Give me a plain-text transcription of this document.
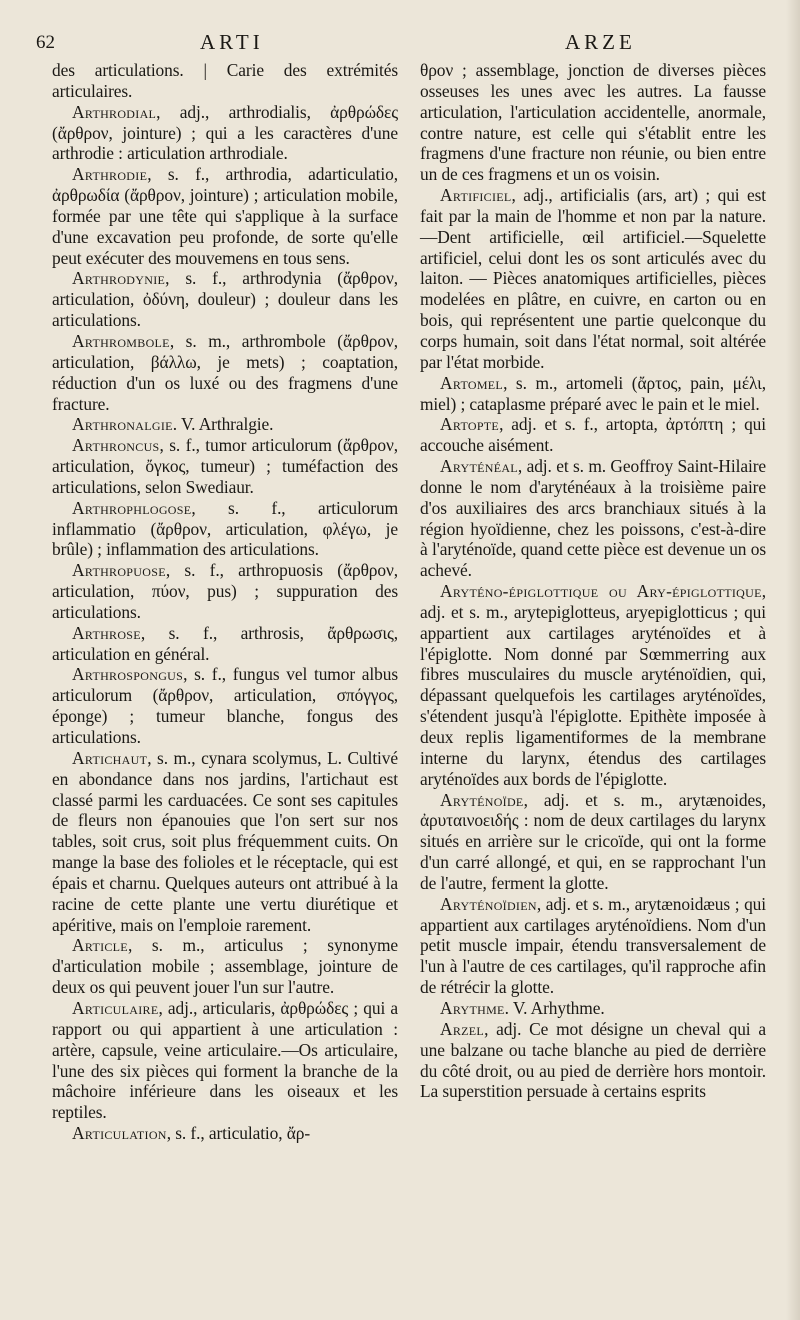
62	ARTI	ARZE

des articulations. | Carie des extrémités articulaires.

Arthrodial, adj., arthrodialis, ἀρθρώδες (ἄρθρον, jointure) ; qui a les caractères d'une arthrodie : articulation arthrodiale.

Arthrodie, s. f., arthrodia, adarticulatio, ἀρθρωδία (ἄρθρον, jointure) ; articulation mobile, formée par une tête qui s'applique à la surface d'une excavation peu profonde, de sorte qu'elle peut exécuter des mouvemens en tous sens.

Arthrodynie, s. f., arthrodynia (ἄρθρον, articulation, ὀδύνη, douleur) ; douleur dans les articulations.

Arthrombole, s. m., arthrombole (ἄρθρον, articulation, βάλλω, je mets) ; coaptation, réduction d'un os luxé ou des fragmens d'une fracture.

Arthronalgie. V. Arthralgie.

Arthroncus, s. f., tumor articulorum (ἄρθρον, articulation, ὄγκος, tumeur) ; tuméfaction des articulations, selon Swediaur.

Arthrophlogose, s. f., articulorum inflammatio (ἄρθρον, articulation, φλέγω, je brûle) ; inflammation des articulations.

Arthropuose, s. f., arthropuosis (ἄρθρον, articulation, πύον, pus) ; suppuration des articulations.

Arthrose, s. f., arthrosis, ἄρθρωσις, articulation en général.

Arthrospongus, s. f., fungus vel tumor albus articulorum (ἄρθρον, articulation, σπόγγος, éponge) ; tumeur blanche, fongus des articulations.

Artichaut, s. m., cynara scolymus, L. Cultivé en abondance dans nos jardins, l'artichaut est classé parmi les carduacées. Ce sont ses capitules de fleurs non épanouies que l'on sert sur nos tables, soit crus, soit plus fréquemment cuits. On mange la base des folioles et le réceptacle, qui est épais et charnu. Quelques auteurs ont attribué à la racine de cette plante une vertu diurétique et apéritive, mais on l'emploie rarement.

Article, s. m., articulus ; synonyme d'articulation mobile ; assemblage, jointure de deux os qui peuvent jouer l'un sur l'autre.

Articulaire, adj., articularis, ἀρθρώδες ; qui a rapport ou qui appartient à une articulation : artère, capsule, veine articulaire.—Os articulaire, l'une des six pièces qui forment la branche de la mâchoire inférieure dans les oiseaux et les reptiles.

Articulation, s. f., articulatio, ἄρ-

θρον ; assemblage, jonction de diverses pièces osseuses les unes avec les autres. La fausse articulation, l'articulation accidentelle, anormale, contre nature, est celle qui s'établit entre les fragmens d'une fracture non réunie, ou bien entre un de ces fragmens et un os voisin.

Artificiel, adj., artificialis (ars, art) ; qui est fait par la main de l'homme et non par la nature.—Dent artificielle, œil artificiel.—Squelette artificiel, celui dont les os sont articulés avec du laiton. — Pièces anatomiques artificielles, pièces modelées en plâtre, en cuivre, en carton ou en bois, qui représentent une partie quelconque du corps humain, soit dans l'état normal, soit altérée par l'état morbide.

Artomel, s. m., artomeli (ἄρτος, pain, μέλι, miel) ; cataplasme préparé avec le pain et le miel.

Artopte, adj. et s. f., artopta, ἀρτόπτη ; qui accouche aisément.

Aryténéal, adj. et s. m. Geoffroy Saint-Hilaire donne le nom d'aryténéaux à la troisième paire d'os auxiliaires des arcs branchiaux situés à la région hyoïdienne, chez les poissons, c'est-à-dire à l'aryténoïde, quand cette pièce est devenue un os achevé.

Aryténo-épiglottique ou Ary-épiglottique, adj. et s. m., arytepiglotteus, aryepiglotticus ; qui appartient aux cartilages aryténoïdes et à l'épiglotte. Nom donné par Sœmmerring aux fibres musculaires du muscle aryténoïdien, qui, dépassant quelquefois les cartilages aryténoïdes, s'étendent jusqu'à l'épiglotte. Epithète imposée à deux replis ligamentiformes de la membrane interne du larynx, étendus des cartilages aryténoïdes aux bords de l'épiglotte.

Aryténoïde, adj. et s. m., arytænoides, ἀρυταινοειδής : nom de deux cartilages du larynx situés en arrière sur le cricoïde, qui ont la forme d'un carré allongé, et qui, en se rapprochant l'un de l'autre, ferment la glotte.

Aryténoïdien, adj. et s. m., arytænoidæus ; qui appartient aux cartilages aryténoïdiens. Nom d'un petit muscle impair, étendu transversalement de l'un à l'autre de ces cartilages, qu'il rapproche afin de rétrécir la glotte.

Arythme. V. Arhythme.

Arzel, adj. Ce mot désigne un cheval qui a une balzane ou tache blanche au pied de derrière du côté droit, ou au pied de derrière hors montoir. La superstition persuade à certains esprits
